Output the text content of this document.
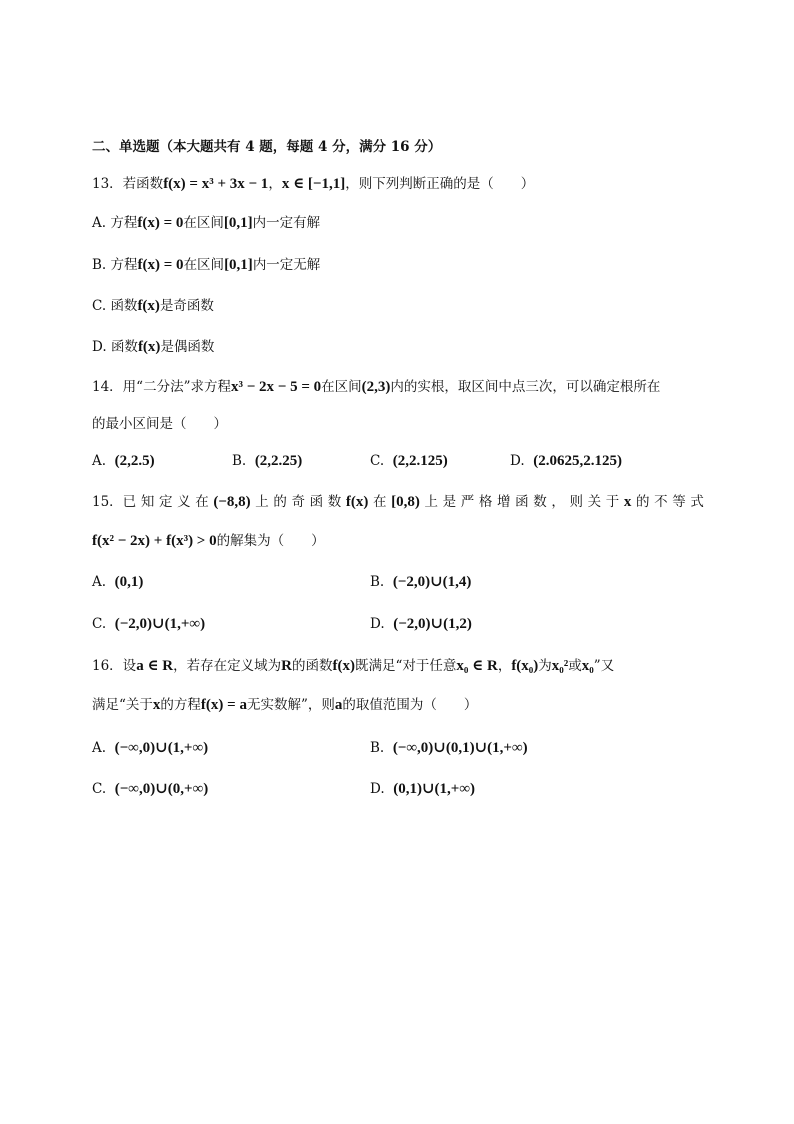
二、单选题（本大题共有 4 题，每题 4 分，满分 16 分）
13．若函数f(x) = x³ + 3x − 1，x ∈ [−1,1]，则下列判断正确的是（　　）
A. 方程f(x) = 0在区间[0,1]内一定有解
B. 方程f(x) = 0在区间[0,1]内一定无解
C. 函数f(x)是奇函数
D. 函数f(x)是偶函数
14．用“二分法”求方程x³ − 2x − 5 = 0在区间(2,3)内的实根，取区间中点三次，可以确定根所在
的最小区间是（　　）
A. (2,2.5)	B. (2,2.25)	C. (2,2.125)	D. (2.0625,2.125)
15．已 知 定 义 在 (−8,8) 上 的 奇 函 数 f(x) 在 [0,8) 上 是 严 格 增 函 数 ， 则 关 于 x 的 不 等 式
f(x² − 2x) + f(x³) > 0的解集为（　　）
A. (0,1)	B. (−2,0)∪(1,4)
C. (−2,0)∪(1,+∞)	D. (−2,0)∪(1,2)
16．设a ∈ R，若存在定义域为R的函数f(x)既满足“对于任意x₀ ∈ R，f(x₀)为x₀²或x₀”又
满足“关于x的方程f(x) = a无实数解”，则a的取值范围为（　　）
A. (−∞,0)∪(1,+∞)	B. (−∞,0)∪(0,1)∪(1,+∞)
C. (−∞,0)∪(0,+∞)	D. (0,1)∪(1,+∞)
